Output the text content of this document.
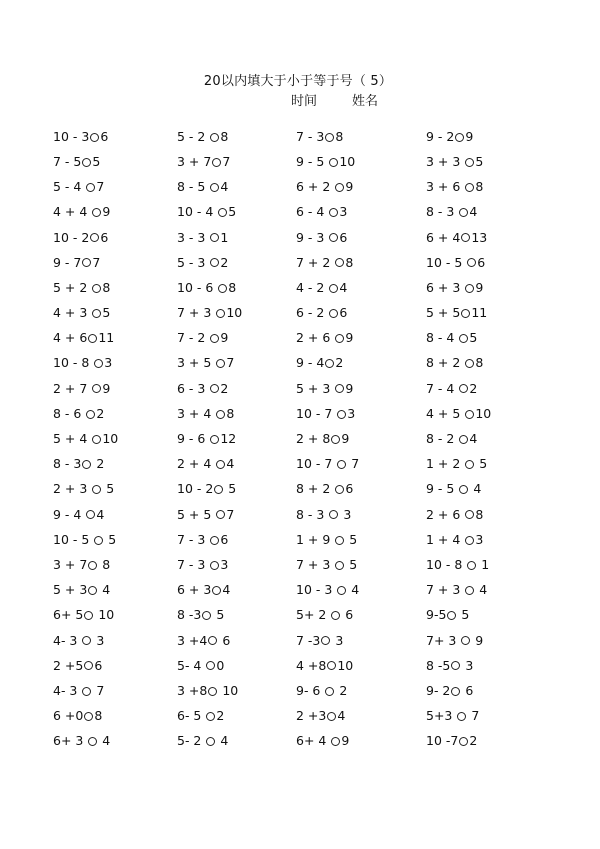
20以内填大于小于等于号（ 5）
时间	姓名
10 - 3 6	5 - 2 8	7 - 3 8	9 - 2 9
7 - 5 5	3 + 7 7	9 - 5 10	3 + 3 5
5 - 4 7	8 - 5 4	6 + 2 9	3 + 6 8
4 + 4 9	10 - 4 5	6 - 4 3	8 - 3 4
10 - 2 6	3 - 3 1	9 - 3 6	6 + 4 13
9 - 7 7	5 - 3 2	7 + 2 8	10 - 5 6
5 + 2 8	10 - 6 8	4 - 2 4	6 + 3 9
4 + 3 5	7 + 3 10	6 - 2 6	5 + 5 11
4 + 6 11	7 - 2 9	2 + 6 9	8 - 4 5
10 - 8 3	3 + 5 7	9 - 4 2	8 + 2 8
2 + 7 9	6 - 3 2	5 + 3 9	7 - 4 2
8 - 6 2	3 + 4 8	10 - 7 3	4 + 5 10
5 + 4 10	9 - 6 12	2 + 8 9	8 - 2 4
8 - 3 2	2 + 4 4	10 - 7 7	1 + 2 5
2 + 3 5	10 - 2 5	8 + 2 6	9 - 5 4
9 - 4 4	5 + 5 7	8 - 3 3	2 + 6 8
10 - 5 5	7 - 3 6	1 + 9 5	1 + 4 3
3 + 7 8	7 - 3 3	7 + 3 5	10 - 8 1
5 + 3 4	6 + 3 4	10 - 3 4	7 + 3 4
6+ 5 10	8 -3 5	5+ 2 6	9-5 5
4- 3 3	3 +4 6	7 -3 3	7+ 3 9
2 +5 6	5- 4 0	4 +8 10	8 -5 3
4- 3 7	3 +8 10	9- 6 2	9- 2 6
6 +0 8	6- 5 2	2 +3 4	5+3 7
6+ 3 4	5- 2 4	6+ 4 9	10 -7 2
